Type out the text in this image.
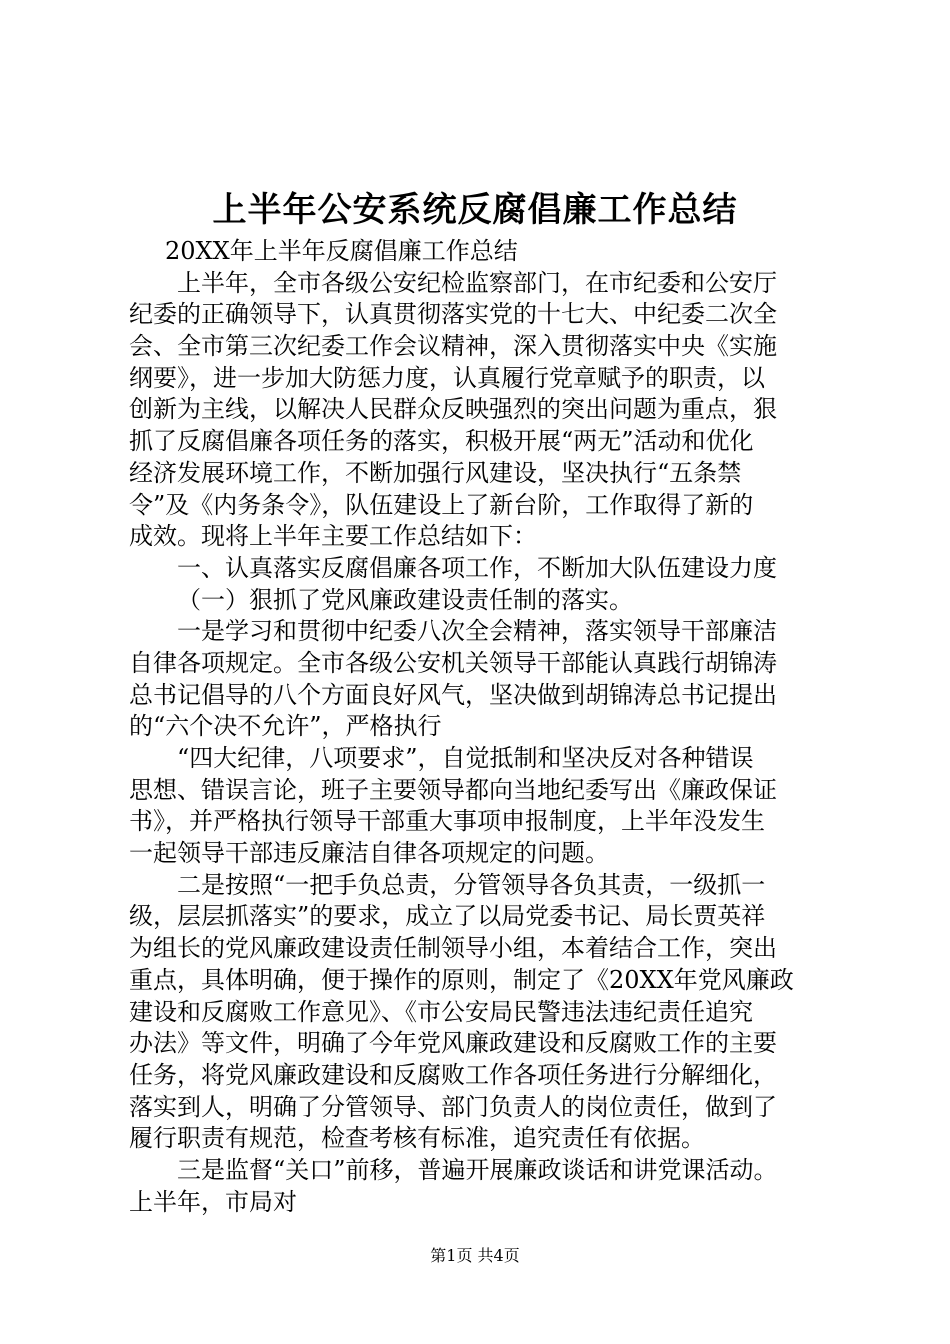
上半年公安系统反腐倡廉工作总结
20XX年上半年反腐倡廉工作总结
上半年，全市各级公安纪检监察部门，在市纪委和公安厅
纪委的正确领导下，认真贯彻落实党的十七大、中纪委二次全
会、全市第三次纪委工作会议精神，深入贯彻落实中央《实施
纲要》，进一步加大防惩力度，认真履行党章赋予的职责，以
创新为主线，以解决人民群众反映强烈的突出问题为重点，狠
抓了反腐倡廉各项任务的落实，积极开展“两无”活动和优化
经济发展环境工作，不断加强行风建设，坚决执行“五条禁
令”及《内务条令》，队伍建设上了新台阶，工作取得了新的
成效。现将上半年主要工作总结如下：
一、认真落实反腐倡廉各项工作，不断加大队伍建设力度
（一）狠抓了党风廉政建设责任制的落实。
一是学习和贯彻中纪委八次全会精神，落实领导干部廉洁
自律各项规定。全市各级公安机关领导干部能认真践行胡锦涛
总书记倡导的八个方面良好风气，坚决做到胡锦涛总书记提出
的“六个决不允许”，严格执行
“四大纪律，八项要求”，自觉抵制和坚决反对各种错误
思想、错误言论，班子主要领导都向当地纪委写出《廉政保证
书》，并严格执行领导干部重大事项申报制度，上半年没发生
一起领导干部违反廉洁自律各项规定的问题。
二是按照“一把手负总责，分管领导各负其责，一级抓一
级，层层抓落实”的要求，成立了以局党委书记、局长贾英祥
为组长的党风廉政建设责任制领导小组，本着结合工作，突出
重点，具体明确，便于操作的原则，制定了《20XX年党风廉政
建设和反腐败工作意见》、《市公安局民警违法违纪责任追究
办法》等文件，明确了今年党风廉政建设和反腐败工作的主要
任务，将党风廉政建设和反腐败工作各项任务进行分解细化，
落实到人，明确了分管领导、部门负责人的岗位责任，做到了
履行职责有规范，检查考核有标准，追究责任有依据。
三是监督“关口”前移，普遍开展廉政谈话和讲党课活动。
上半年，市局对
第1页 共4页
